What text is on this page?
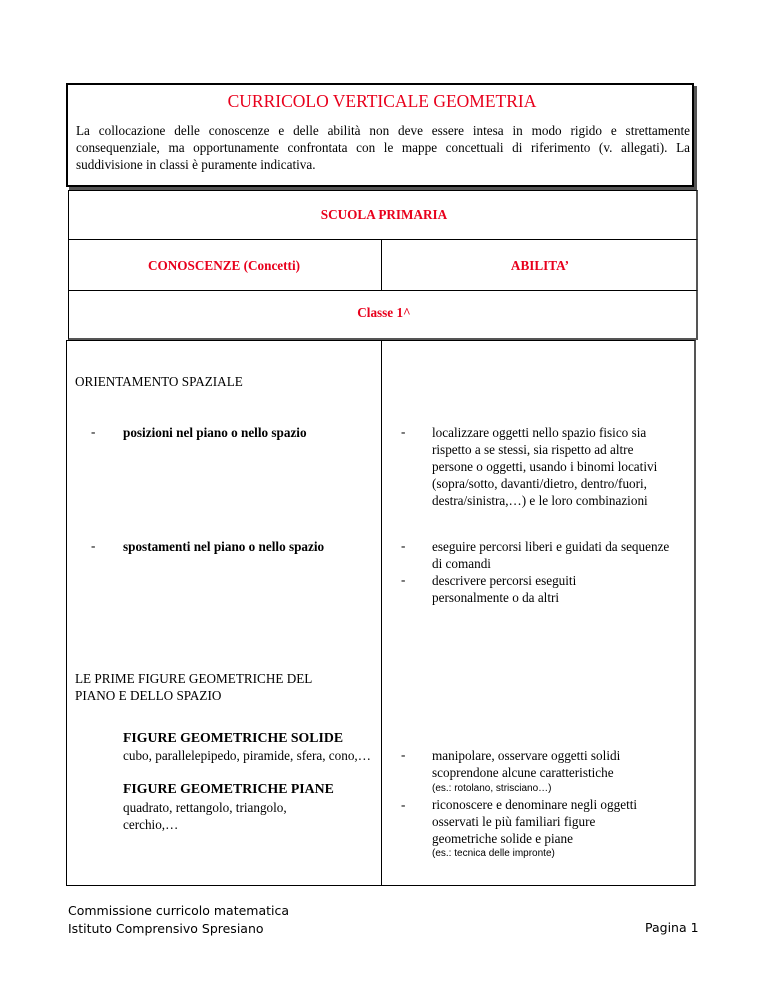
CURRICOLO VERTICALE GEOMETRIA
La collocazione delle conoscenze e delle abilità non deve essere intesa in modo rigido e strettamente consequenziale, ma opportunamente confrontata con le mappe concettuali di riferimento (v. allegati). La suddivisione in classi è puramente indicativa.
SCUOLA PRIMARIA
CONOSCENZE (Concetti)	ABILITA’
Classe 1^
ORIENTAMENTO SPAZIALE
- posizioni nel piano o nello spazio
- spostamenti nel piano o nello spazio
LE PRIME FIGURE GEOMETRICHE DEL
PIANO E DELLO SPAZIO
FIGURE GEOMETRICHE SOLIDE
cubo, parallelepipedo, piramide, sfera, cono,…
FIGURE GEOMETRICHE PIANE
quadrato, rettangolo, triangolo, cerchio,…
- localizzare oggetti nello spazio fisico sia rispetto a se stessi, sia rispetto ad altre persone o oggetti, usando i binomi locativi (sopra/sotto, davanti/dietro, dentro/fuori, destra/sinistra,…) e le loro combinazioni
- eseguire percorsi liberi e guidati da sequenze di comandi
- descrivere percorsi eseguiti personalmente o da altri
- manipolare, osservare oggetti solidi scoprendone alcune caratteristiche
(es.: rotolano, strisciano…)
- riconoscere e denominare negli oggetti osservati le più familiari figure geometriche solide e piane
(es.: tecnica delle impronte)
Commissione curricolo matematica
Istituto Comprensivo Spresiano	Pagina 1
